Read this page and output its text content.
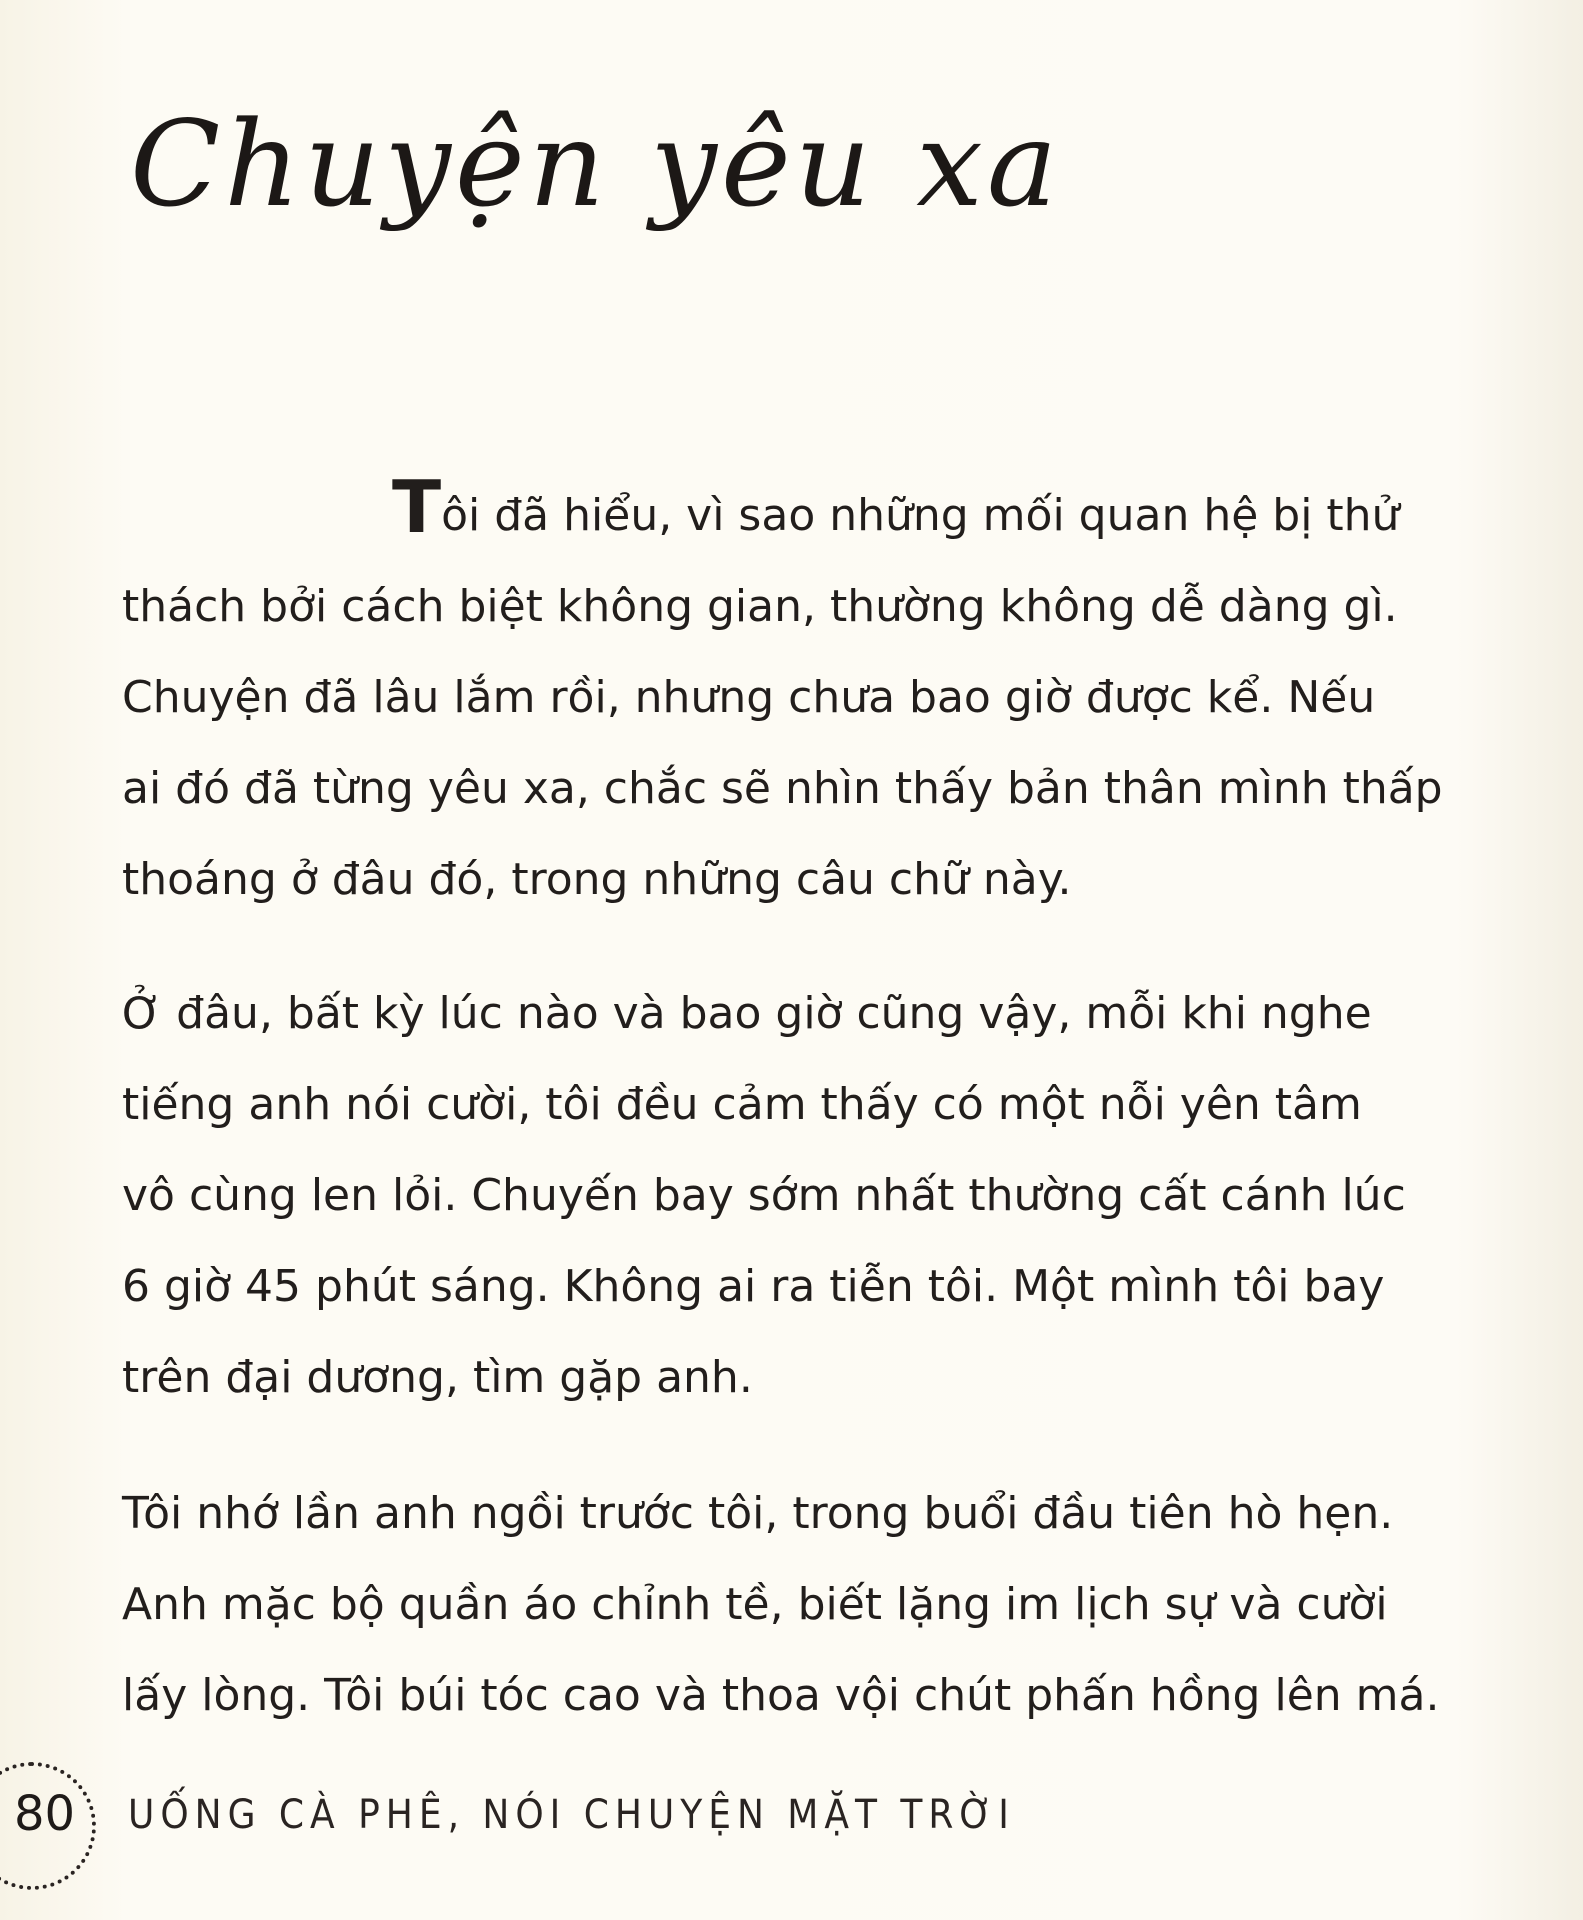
Chuyện yêu xa
Tôi đã hiểu, vì sao những mối quan hệ bị thử
thách bởi cách biệt không gian, thường không dễ dàng gì.
Chuyện đã lâu lắm rồi, nhưng chưa bao giờ được kể. Nếu
ai đó đã từng yêu xa, chắc sẽ nhìn thấy bản thân mình thấp
thoáng ở đâu đó, trong những câu chữ này.
Ở đâu, bất kỳ lúc nào và bao giờ cũng vậy, mỗi khi nghe
tiếng anh nói cười, tôi đều cảm thấy có một nỗi yên tâm
vô cùng len lỏi. Chuyến bay sớm nhất thường cất cánh lúc
6 giờ 45 phút sáng. Không ai ra tiễn tôi. Một mình tôi bay
trên đại dương, tìm gặp anh.
Tôi nhớ lần anh ngồi trước tôi, trong buổi đầu tiên hò hẹn.
Anh mặc bộ quần áo chỉnh tề, biết lặng im lịch sự và cười
lấy lòng. Tôi búi tóc cao và thoa vội chút phấn hồng lên má.
80 UỐNG CÀ PHÊ, NÓI CHUYỆN MẶT TRỜI
